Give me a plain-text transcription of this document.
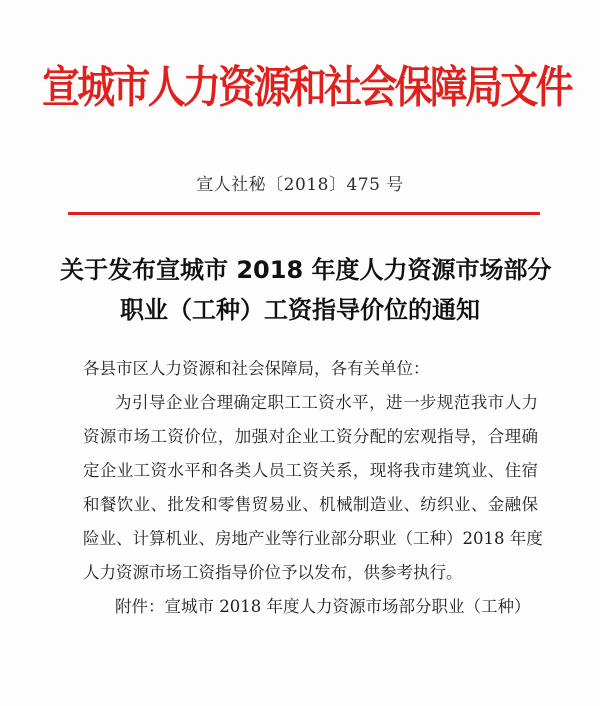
宣城市人力资源和社会保障局文件
宣人社秘〔2018〕475 号
关于发布宣城市 2018 年度人力资源市场部分
职业（工种）工资指导价位的通知
各县市区人力资源和社会保障局，各有关单位：
为引导企业合理确定职工工资水平，进一步规范我市人力
资源市场工资价位，加强对企业工资分配的宏观指导，合理确
定企业工资水平和各类人员工资关系，现将我市建筑业、住宿
和餐饮业、批发和零售贸易业、机械制造业、纺织业、金融保
险业、计算机业、房地产业等行业部分职业（工种）2018 年度
人力资源市场工资指导价位予以发布，供参考执行。
附件：宣城市 2018 年度人力资源市场部分职业（工种）
